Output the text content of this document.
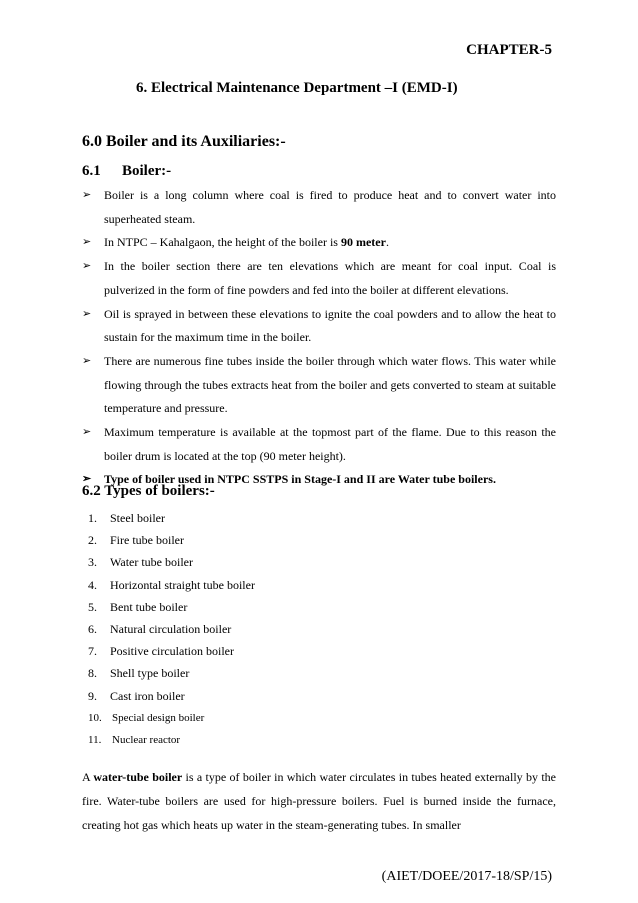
CHAPTER-5
6. Electrical Maintenance Department –I (EMD-I)
6.0 Boiler and its Auxiliaries:-
6.1 Boiler:-
➢ Boiler is a long column where coal is fired to produce heat and to convert water into superheated steam.
➢ In NTPC – Kahalgaon, the height of the boiler is 90 meter.
➢ In the boiler section there are ten elevations which are meant for coal input. Coal is pulverized in the form of fine powders and fed into the boiler at different elevations.
➢ Oil is sprayed in between these elevations to ignite the coal powders and to allow the heat to sustain for the maximum time in the boiler.
➢ There are numerous fine tubes inside the boiler through which water flows. This water while flowing through the tubes extracts heat from the boiler and gets converted to steam at suitable temperature and pressure.
➢ Maximum temperature is available at the topmost part of the flame. Due to this reason the boiler drum is located at the top (90 meter height).
➢ Type of boiler used in NTPC SSTPS in Stage-I and II are Water tube boilers.
6.2 Types of boilers:-
1. Steel boiler
2. Fire tube boiler
3. Water tube boiler
4. Horizontal straight tube boiler
5. Bent tube boiler
6. Natural circulation boiler
7. Positive circulation boiler
8. Shell type boiler
9. Cast iron boiler
10. Special design boiler
11. Nuclear reactor
A water-tube boiler is a type of boiler in which water circulates in tubes heated externally by the fire. Water-tube boilers are used for high-pressure boilers. Fuel is burned inside the furnace, creating hot gas which heats up water in the steam-generating tubes. In smaller
(AIET/DOEE/2017-18/SP/15)
